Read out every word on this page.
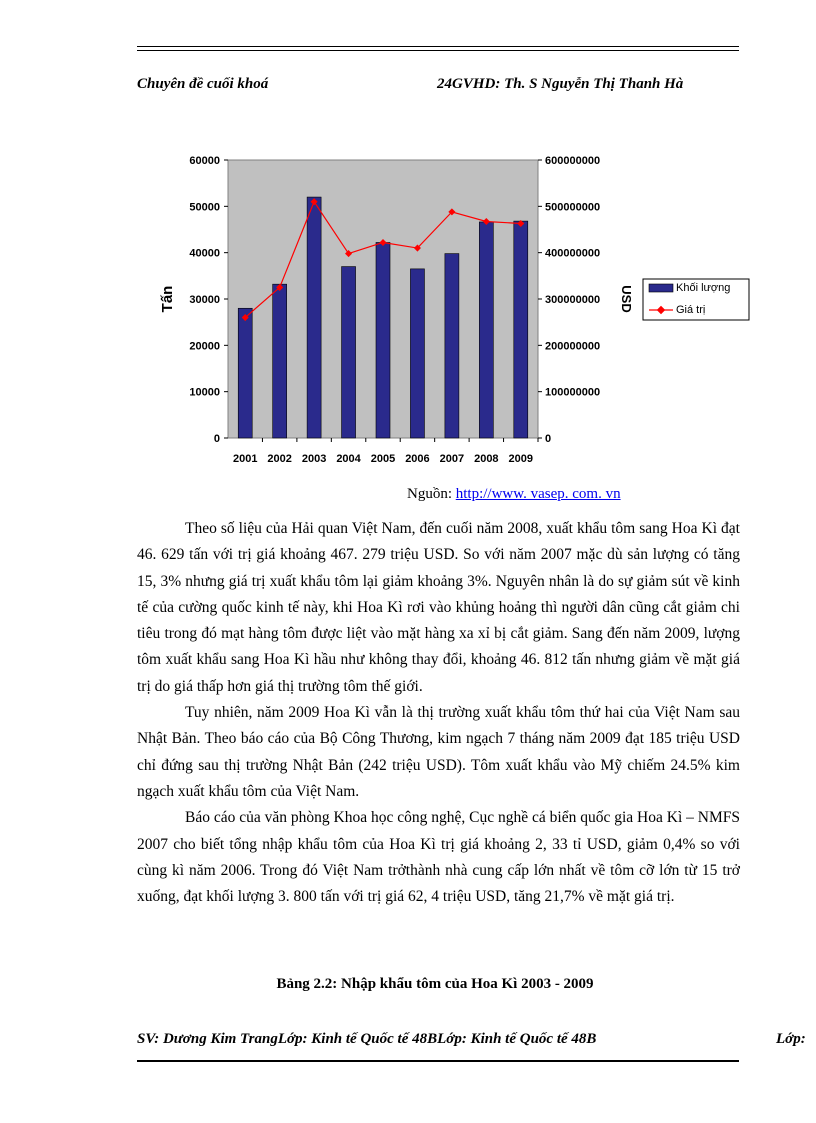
Chuyên đề cuối khoá	24GVHD: Th. S Nguyễn Thị Thanh Hà
0
10000
20000
30000
40000
50000
60000
0
100000000
200000000
300000000
400000000
500000000
600000000
2001 2002 2003 2004 2005 2006 2007 2008 2009
Tấn	USD	Khối lượng
Giá trị
Nguồn: http://www. vasep. com. vn

Theo số liệu của Hải quan Việt Nam, đến cuối năm 2008, xuất khẩu tôm sang Hoa Kì đạt 46. 629 tấn với trị giá khoảng 467. 279 triệu USD. So với năm 2007 mặc dù sản lượng có tăng 15, 3% nhưng giá trị xuất khẩu tôm lại giảm khoảng 3%. Nguyên nhân là do sự giảm sút về kinh tế của cường quốc kinh tế này, khi Hoa Kì rơi vào khủng hoảng thì người dân cũng cắt giảm chi tiêu trong đó mạt hàng tôm được liệt vào mặt hàng xa xỉ bị cắt giảm. Sang đến năm 2009, lượng tôm xuất khẩu sang Hoa Kì hầu như không thay đổi, khoảng 46. 812 tấn nhưng giảm về mặt giá trị do giá thấp hơn giá thị trường tôm thế giới.

Tuy nhiên, năm 2009 Hoa Kì vẫn là thị trường xuất khẩu tôm thứ hai của Việt Nam sau Nhật Bản. Theo báo cáo của Bộ Công Thương, kim ngạch 7 tháng năm 2009 đạt 185 triệu USD chỉ đứng sau thị trường Nhật Bản (242 triệu USD). Tôm xuất khẩu vào Mỹ chiếm 24.5% kim ngạch xuất khẩu tôm của Việt Nam.

Báo cáo của văn phòng Khoa học công nghệ, Cục nghề cá biển quốc gia Hoa Kì – NMFS 2007 cho biết tổng nhập khẩu tôm của Hoa Kì trị giá khoảng 2, 33 tỉ USD, giảm 0,4% so với cùng kì năm 2006. Trong đó Việt Nam trởthành nhà cung cấp lớn nhất về tôm cỡ lớn từ 15 trở xuống, đạt khối lượng 3. 800 tấn với trị giá 62, 4 triệu USD, tăng 21,7% về mặt giá trị.

Bảng 2.2: Nhập khẩu tôm của Hoa Kì 2003 - 2009
SV: Dương Kim TrangLớp: Kinh tế Quốc tế 48BLớp: Kinh tế Quốc tế 48B	Lớp:
